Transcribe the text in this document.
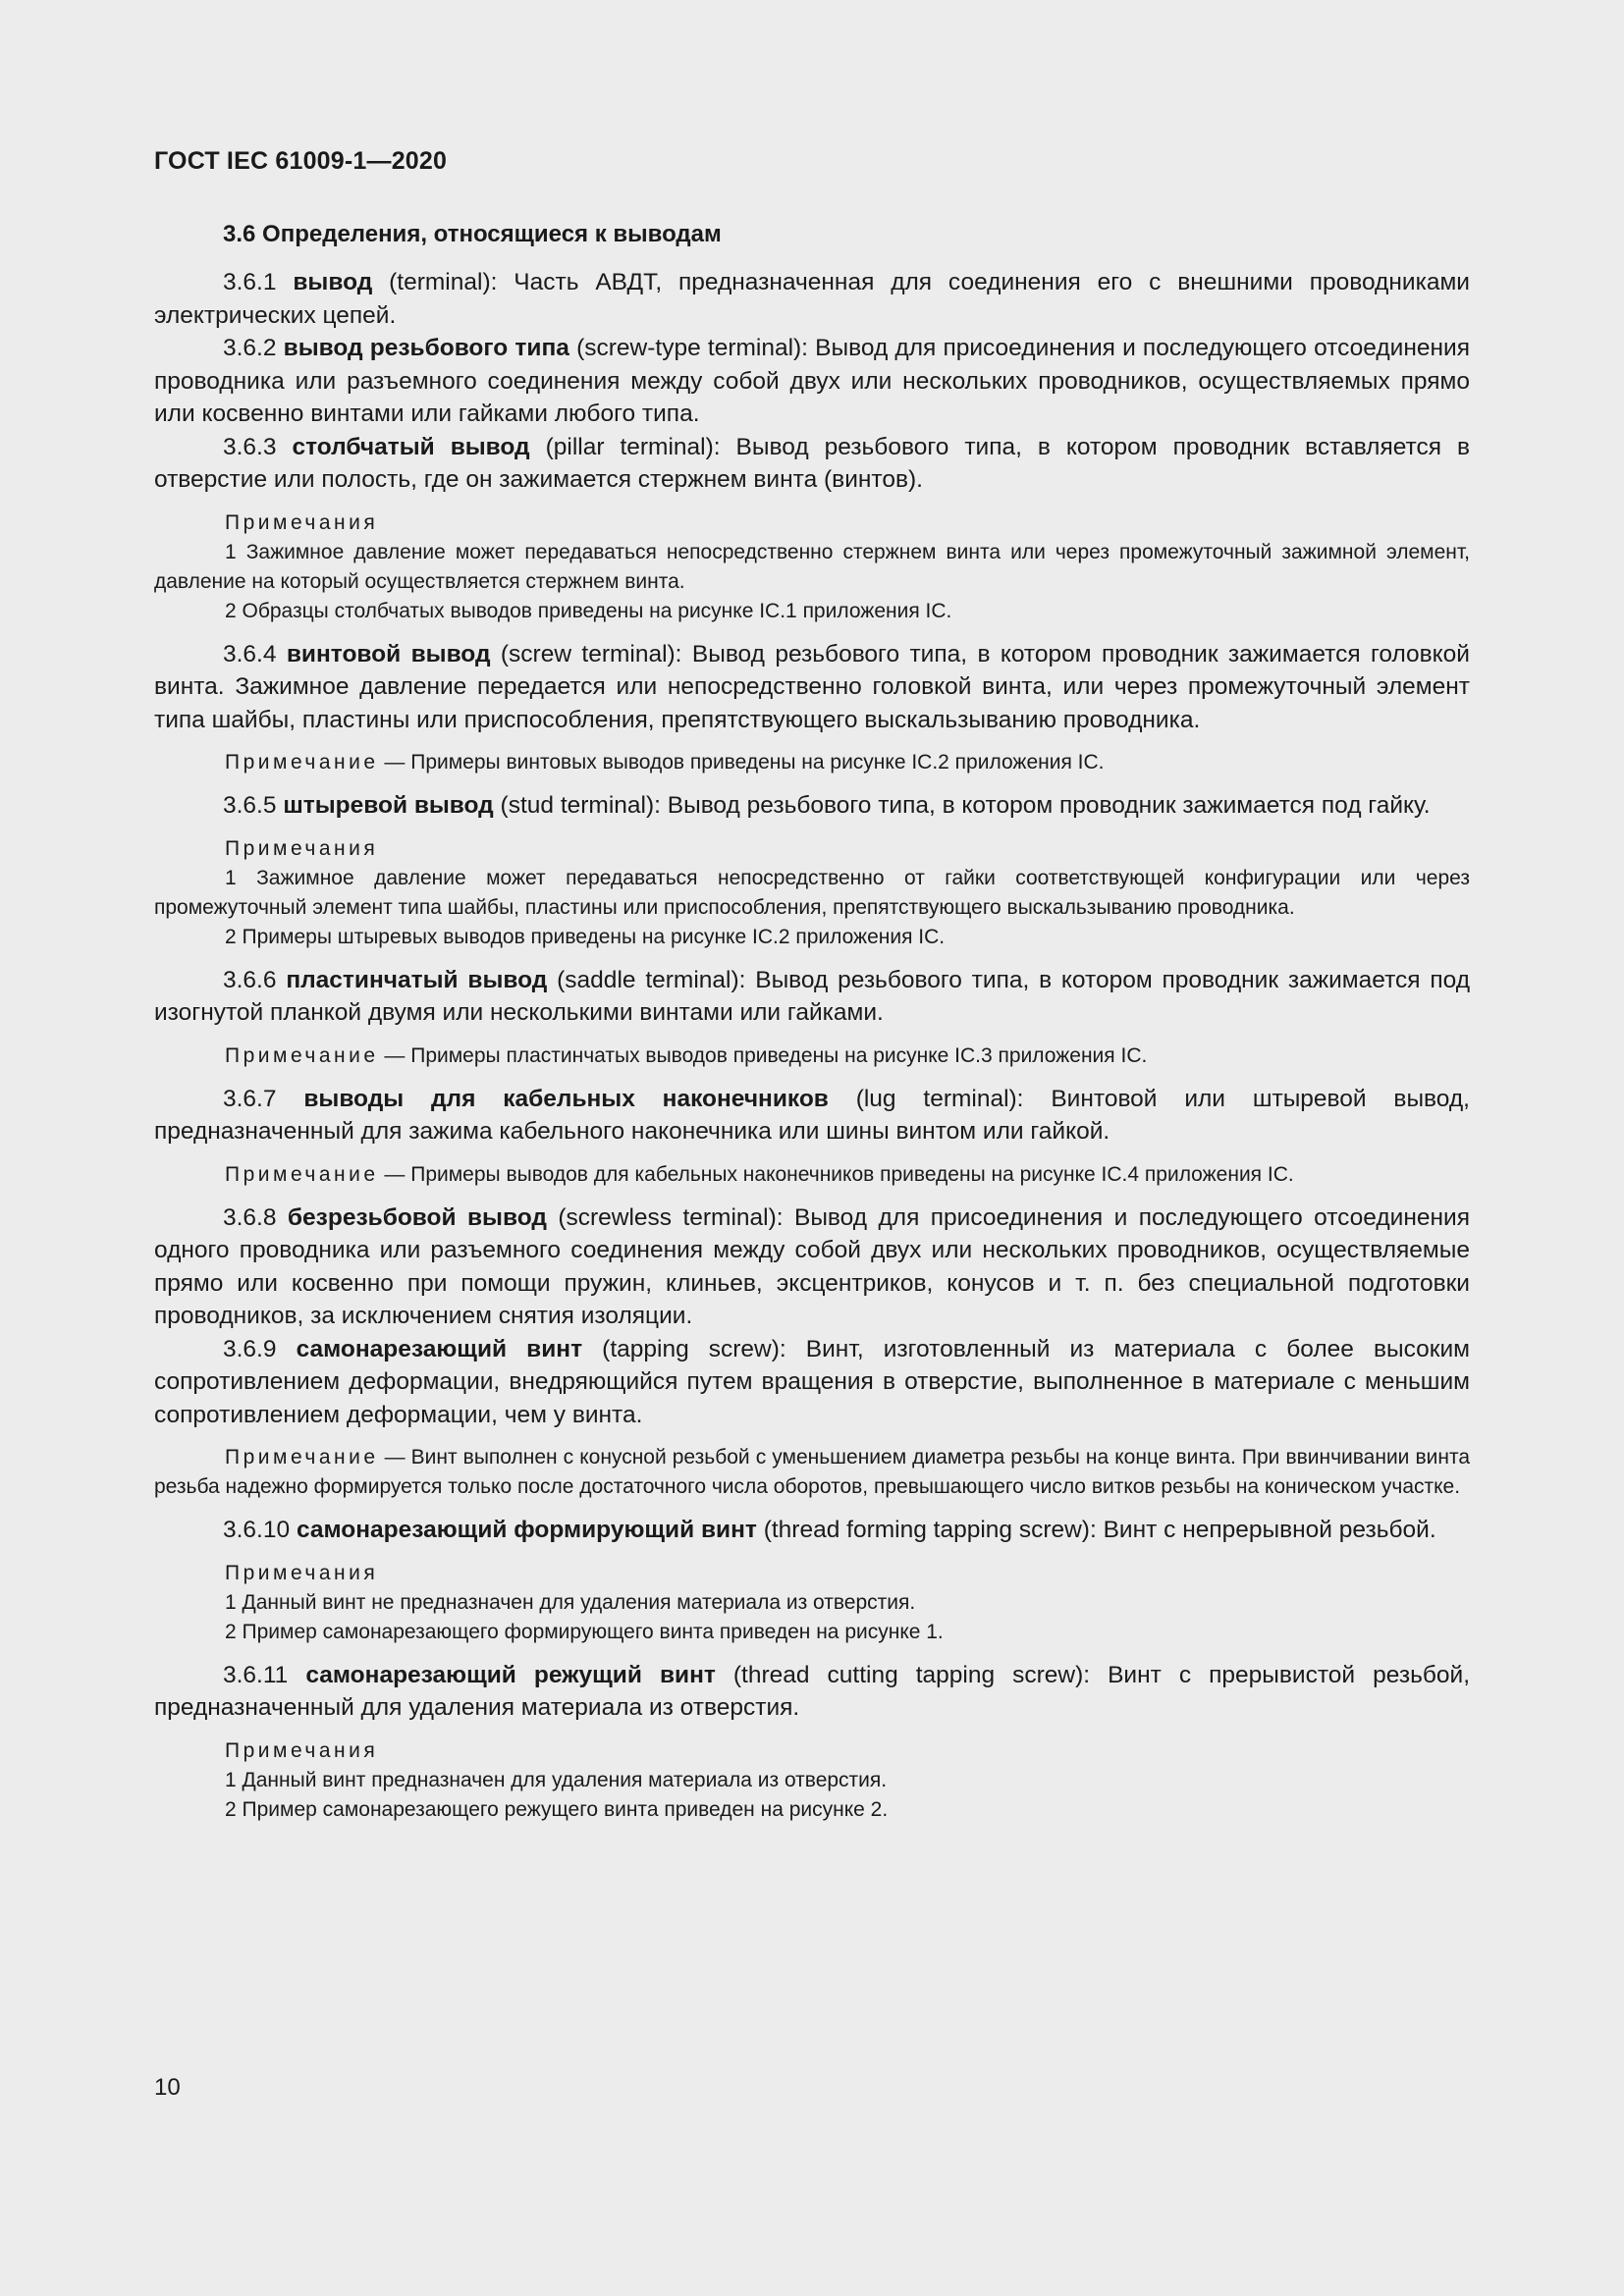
ГОСТ IEC 61009-1—2020

3.6 Определения, относящиеся к выводам

3.6.1 вывод (terminal): Часть АВДТ, предназначенная для соединения его с внешними проводниками электрических цепей.

3.6.2 вывод резьбового типа (screw-type terminal): Вывод для присоединения и последующего отсоединения проводника или разъемного соединения между собой двух или нескольких проводников, осуществляемых прямо или косвенно винтами или гайками любого типа.

3.6.3 столбчатый вывод (pillar terminal): Вывод резьбового типа, в котором проводник вставляется в отверстие или полость, где он зажимается стержнем винта (винтов).

Примечания

1 Зажимное давление может передаваться непосредственно стержнем винта или через промежуточный зажимной элемент, давление на который осуществляется стержнем винта.

2 Образцы столбчатых выводов приведены на рисунке IC.1 приложения IC.

3.6.4 винтовой вывод (screw terminal): Вывод резьбового типа, в котором проводник зажимается головкой винта. Зажимное давление передается или непосредственно головкой винта, или через промежуточный элемент типа шайбы, пластины или приспособления, препятствующего выскальзыванию проводника.

Примечание — Примеры винтовых выводов приведены на рисунке IC.2 приложения IC.

3.6.5 штыревой вывод (stud terminal): Вывод резьбового типа, в котором проводник зажимается под гайку.

Примечания

1 Зажимное давление может передаваться непосредственно от гайки соответствующей конфигурации или через промежуточный элемент типа шайбы, пластины или приспособления, препятствующего выскальзыванию проводника.

2 Примеры штыревых выводов приведены на рисунке IC.2 приложения IC.

3.6.6 пластинчатый вывод (saddle terminal): Вывод резьбового типа, в котором проводник зажимается под изогнутой планкой двумя или несколькими винтами или гайками.

Примечание — Примеры пластинчатых выводов приведены на рисунке IC.3 приложения IC.

3.6.7 выводы для кабельных наконечников (lug terminal): Винтовой или штыревой вывод, предназначенный для зажима кабельного наконечника или шины винтом или гайкой.

Примечание — Примеры выводов для кабельных наконечников приведены на рисунке IC.4 приложения IC.

3.6.8 безрезьбовой вывод (screwless terminal): Вывод для присоединения и последующего отсоединения одного проводника или разъемного соединения между собой двух или нескольких проводников, осуществляемые прямо или косвенно при помощи пружин, клиньев, эксцентриков, конусов и т. п. без специальной подготовки проводников, за исключением снятия изоляции.

3.6.9 самонарезающий винт (tapping screw): Винт, изготовленный из материала с более высоким сопротивлением деформации, внедряющийся путем вращения в отверстие, выполненное в материале с меньшим сопротивлением деформации, чем у винта.

Примечание — Винт выполнен с конусной резьбой с уменьшением диаметра резьбы на конце винта. При ввинчивании винта резьба надежно формируется только после достаточного числа оборотов, превышающего число витков резьбы на коническом участке.

3.6.10 самонарезающий формирующий винт (thread forming tapping screw): Винт с непрерывной резьбой.

Примечания

1 Данный винт не предназначен для удаления материала из отверстия.

2 Пример самонарезающего формирующего винта приведен на рисунке 1.

3.6.11 самонарезающий режущий винт (thread cutting tapping screw): Винт с прерывистой резьбой, предназначенный для удаления материала из отверстия.

Примечания

1 Данный винт предназначен для удаления материала из отверстия.

2 Пример самонарезающего режущего винта приведен на рисунке 2.

10
